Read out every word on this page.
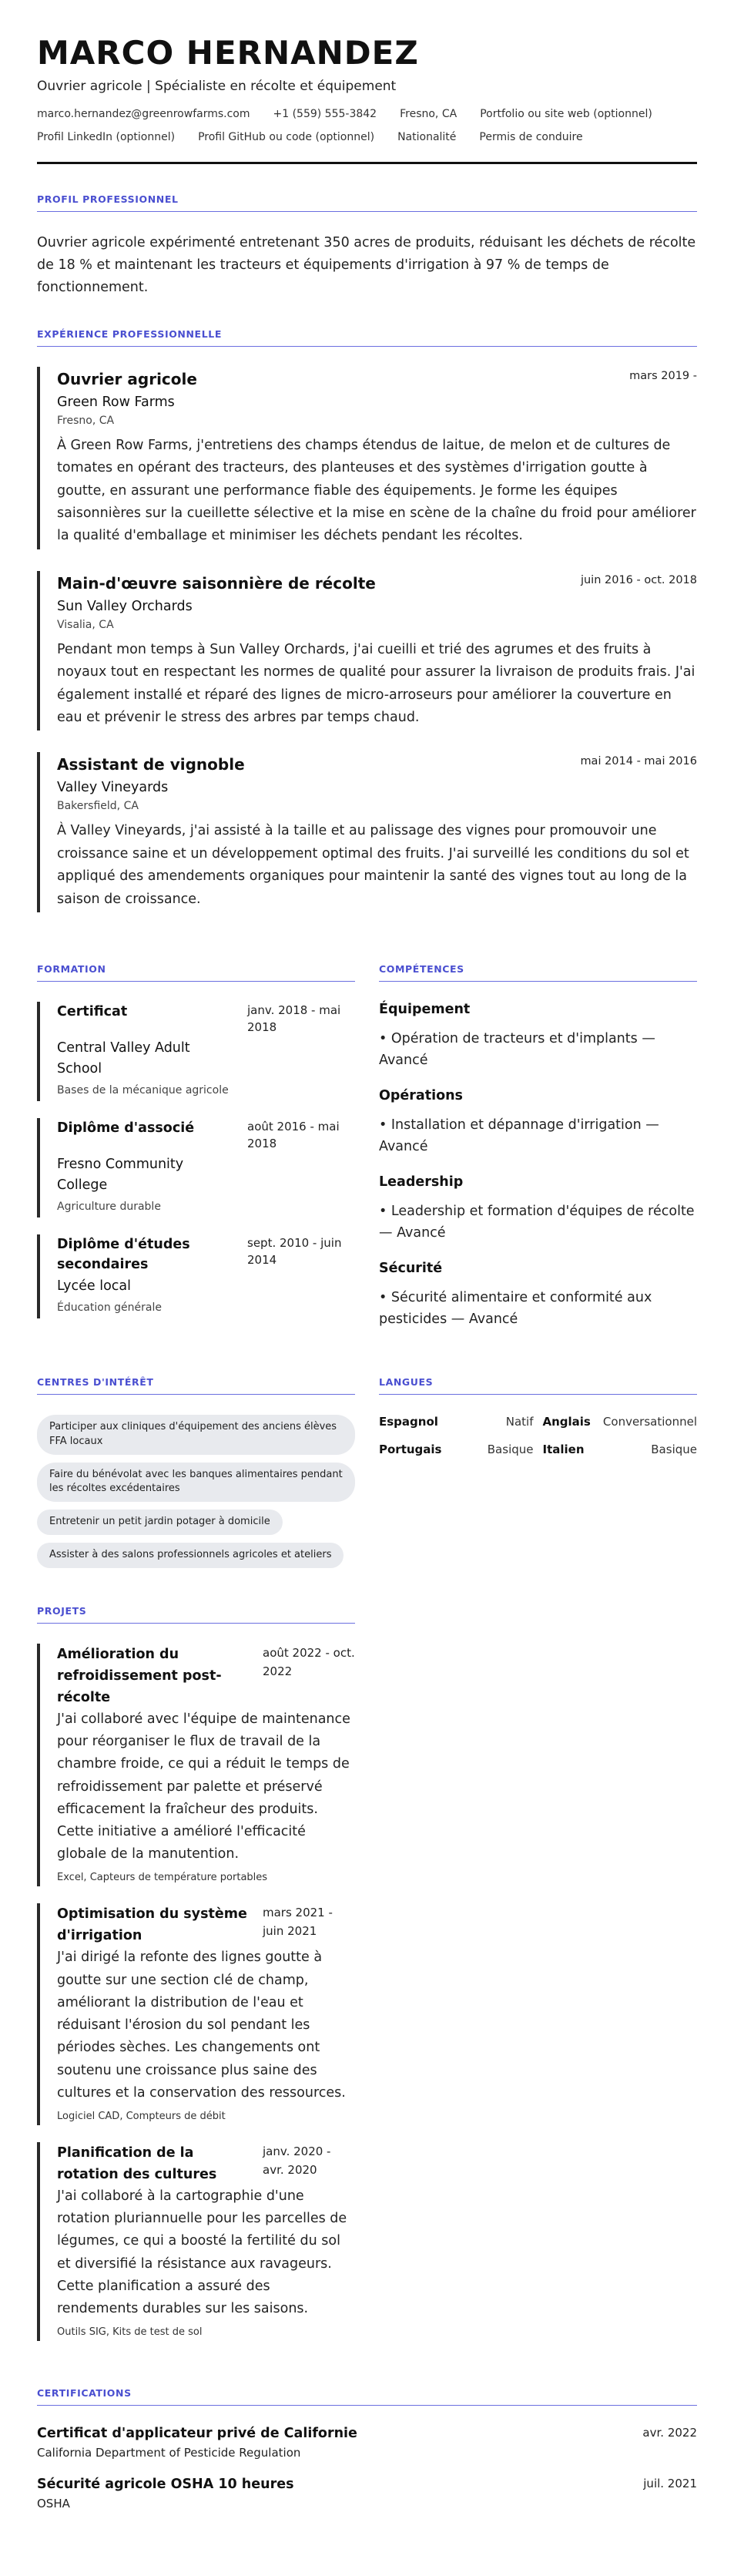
MARCO HERNANDEZ
Ouvrier agricole | Spécialiste en récolte et équipement
marco.hernandez@greenrowfarms.com +1 (559) 555-3842 Fresno, CA Portfolio ou site web (optionnel)
Profil LinkedIn (optionnel) Profil GitHub ou code (optionnel) Nationalité Permis de conduire
PROFIL PROFESSIONNEL

Ouvrier agricole expérimenté entretenant 350 acres de produits, réduisant les déchets de récolte de 18 % et maintenant les tracteurs et équipements d'irrigation à 97 % de temps de fonctionnement.

EXPÉRIENCE PROFESSIONNELLE
Ouvrier agricole	mars 2019 -
Green Row Farms
Fresno, CA

À Green Row Farms, j'entretiens des champs étendus de laitue, de melon et de cultures de tomates en opérant des tracteurs, des planteuses et des systèmes d'irrigation goutte à goutte, en assurant une performance fiable des équipements. Je forme les équipes saisonnières sur la cueillette sélective et la mise en scène de la chaîne du froid pour améliorer la qualité d'emballage et minimiser les déchets pendant les récoltes.

Main-d'œuvre saisonnière de récolte	juin 2016 - oct. 2018
Sun Valley Orchards
Visalia, CA

Pendant mon temps à Sun Valley Orchards, j'ai cueilli et trié des agrumes et des fruits à noyaux tout en respectant les normes de qualité pour assurer la livraison de produits frais. J'ai également installé et réparé des lignes de micro-arroseurs pour améliorer la couverture en eau et prévenir le stress des arbres par temps chaud.

Assistant de vignoble	mai 2014 - mai 2016
Valley Vineyards
Bakersfield, CA

À Valley Vineyards, j'ai assisté à la taille et au palissage des vignes pour promouvoir une croissance saine et un développement optimal des fruits. J'ai surveillé les conditions du sol et appliqué des amendements organiques pour maintenir la santé des vignes tout au long de la saison de croissance.

FORMATION
Certificat	janv. 2018 - mai 2018
Central Valley Adult School
Bases de la mécanique agricole
Diplôme d'associé	août 2016 - mai 2018
Fresno Community College
Agriculture durable
Diplôme d'études secondaires
sept. 2010 - juin 2014
Lycée local
Éducation générale
COMPÉTENCES
Équipement
• Opération de tracteurs et d'implants — Avancé
Opérations
• Installation et dépannage d'irrigation — Avancé
Leadership
• Leadership et formation d'équipes de récolte — Avancé
Sécurité
• Sécurité alimentaire et conformité aux pesticides — Avancé
CENTRES D'INTÉRÊT
Participer aux cliniques d'équipement des anciens élèves FFA locaux
Faire du bénévolat avec les banques alimentaires pendant les récoltes excédentaires
Entretenir un petit jardin potager à domicile
Assister à des salons professionnels agricoles et ateliers
LANGUES
Espagnol	Natif Anglais Conversationnel
Portugais	Basique Italien	Basique
PROJETS
Amélioration du refroidissement post-récolte
août 2022 - oct. 2022

J'ai collaboré avec l'équipe de maintenance pour réorganiser le flux de travail de la chambre froide, ce qui a réduit le temps de refroidissement par palette et préservé efficacement la fraîcheur des produits. Cette initiative a amélioré l'efficacité globale de la manutention.

Excel, Capteurs de température portables
Optimisation du système d'irrigation
mars 2021 - juin 2021

J'ai dirigé la refonte des lignes goutte à goutte sur une section clé de champ, améliorant la distribution de l'eau et réduisant l'érosion du sol pendant les périodes sèches. Les changements ont soutenu une croissance plus saine des cultures et la conservation des ressources.

Logiciel CAD, Compteurs de débit
Planification de la rotation des cultures
janv. 2020 - avr. 2020

J'ai collaboré à la cartographie d'une rotation pluriannuelle pour les parcelles de légumes, ce qui a boosté la fertilité du sol et diversifié la résistance aux ravageurs. Cette planification a assuré des rendements durables sur les saisons.

Outils SIG, Kits de test de sol
CERTIFICATIONS
Certificat d'applicateur privé de Californie	avr. 2022
California Department of Pesticide Regulation
Sécurité agricole OSHA 10 heures	juil. 2021
OSHA
